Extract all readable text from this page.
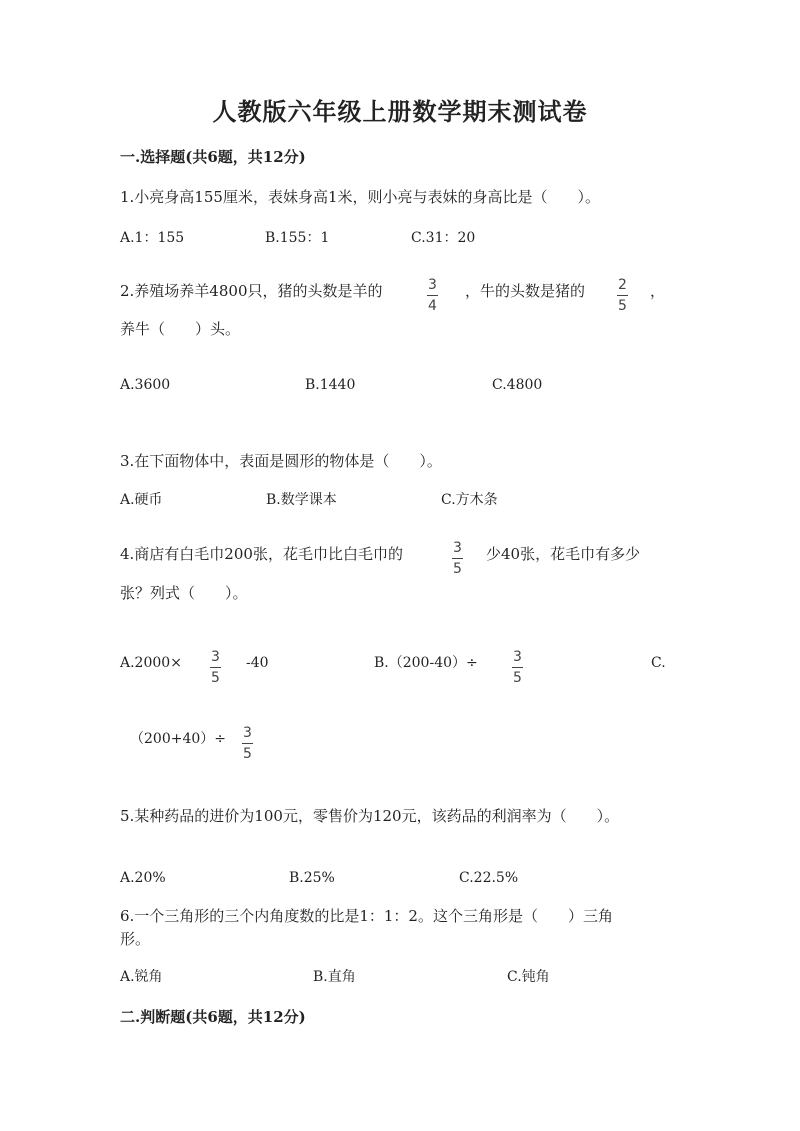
人教版六年级上册数学期末测试卷
一.选择题(共6题，共12分)
1.小亮身高155厘米，表妹身高1米，则小亮与表妹的身高比是（　　）。
A.1：155	B.155：1	C.31：20
2.养殖场养羊4800只，猪的头数是羊的	3
4
，牛的头数是猪的 2
5
，
养牛（　　）头。
A.3600	B.1440	C.4800
3.在下面物体中，表面是圆形的物体是（　　）。
A.硬币	B.数学课本	C.方木条
4.商店有白毛巾200张，花毛巾比白毛巾的	3
5
少40张，花毛巾有多少
张？列式（　　）。
A.2000× 3
5
-40	B.（200-40）÷	3
5
C.
（200+40）÷ 3
5
5.某种药品的进价为100元，零售价为120元，该药品的利润率为（　　）。
A.20%	B.25%	C.22.5%
6.一个三角形的三个内角度数的比是1：1：2。这个三角形是（　　）三角
形。
A.锐角	B.直角	C.钝角
二.判断题(共6题，共12分)
